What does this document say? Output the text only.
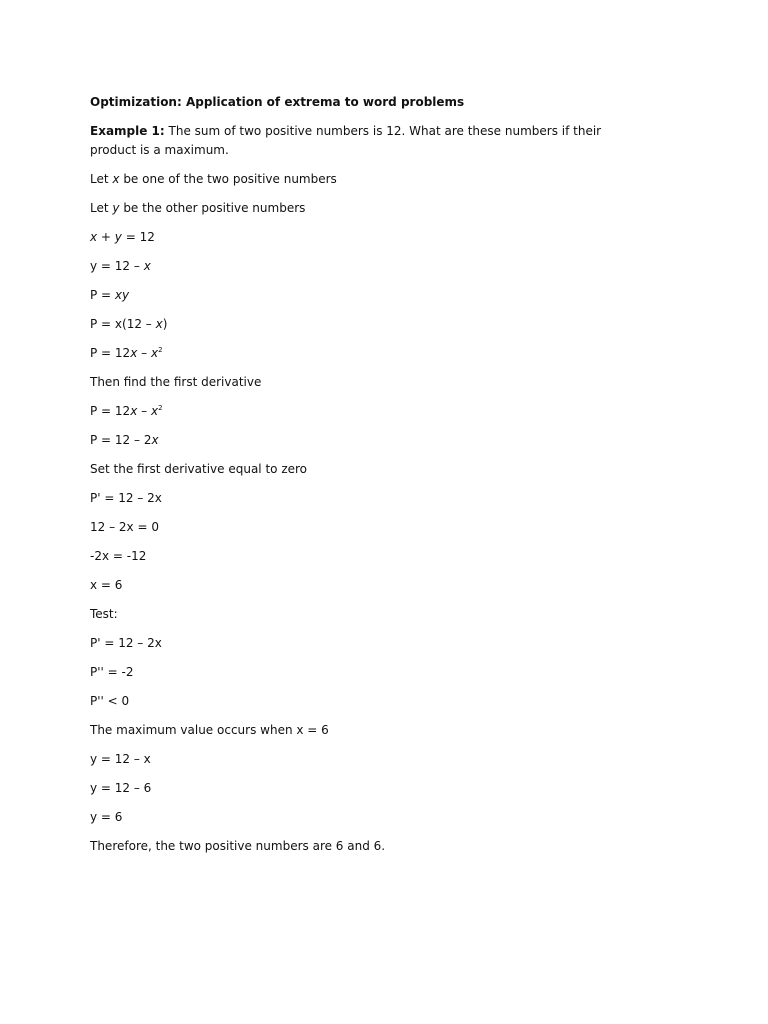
Optimization: Application of extrema to word problems

Example 1: The sum of two positive numbers is 12. What are these numbers if their product is a maximum.

Let x be one of the two positive numbers

Let y be the other positive numbers

x + y = 12

y = 12 – x

P = xy

P = x(12 – x)

$P = 12x - x^2$

Then find the first derivative

$P = 12x - x^2$

P = 12 – 2x

Set the first derivative equal to zero

P' = 12 – 2x

12 – 2x = 0

-2x = -12

x = 6

Test:

P' = 12 – 2x

P'' = -2

P'' < 0

The maximum value occurs when x = 6

y = 12 – x

y = 12 – 6

y = 6

Therefore, the two positive numbers are 6 and 6.
